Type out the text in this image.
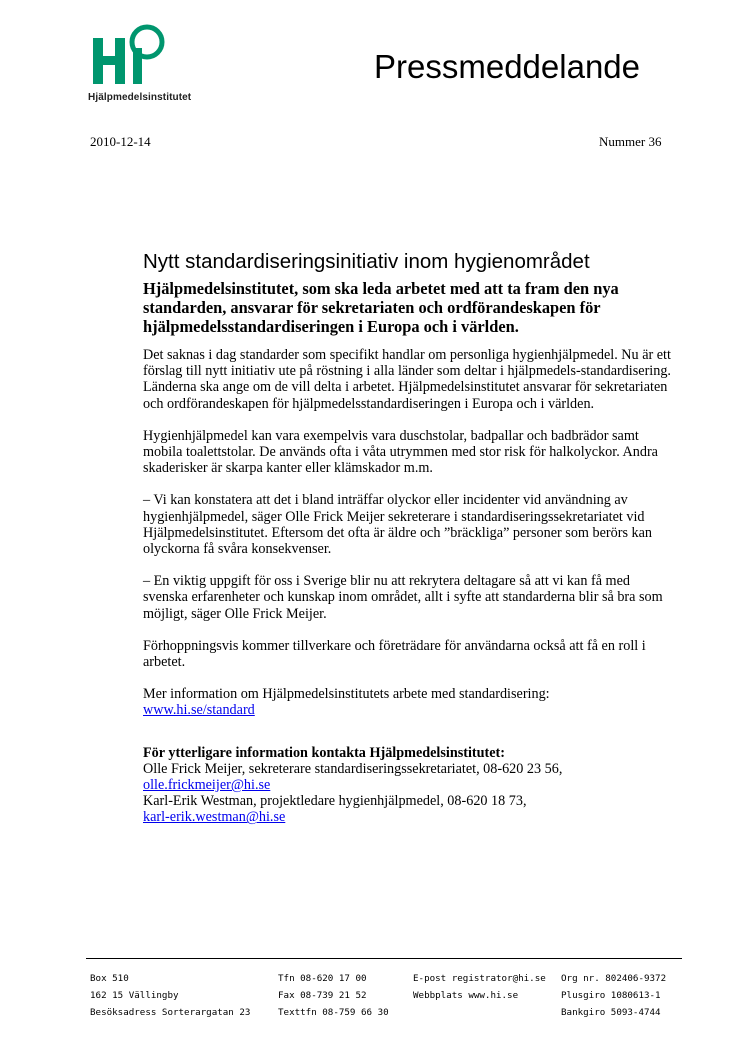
Hjälpmedelsinstitutet
Pressmeddelande
2010-12-14	Nummer 36
Nytt standardiseringsinitiativ inom hygienområdet
Hjälpmedelsinstitutet, som ska leda arbetet med att ta fram den nya standarden, ansvarar för sekretariaten och ordförandeskapen för hjälpmedelsstandardiseringen i Europa och i världen.

Det saknas i dag standarder som specifikt handlar om personliga hygienhjälpmedel. Nu är ett förslag till nytt initiativ ute på röstning i alla länder som deltar i hjälpmedels-standardisering. Länderna ska ange om de vill delta i arbetet. Hjälpmedelsinstitutet ansvarar för sekretariaten och ordförandeskapen för hjälpmedelsstandardiseringen i Europa och i världen.

Hygienhjälpmedel kan vara exempelvis vara duschstolar, badpallar och badbrädor samt mobila toalettstolar. De används ofta i våta utrymmen med stor risk för halkolyckor. Andra skaderisker är skarpa kanter eller klämskador m.m.

– Vi kan konstatera att det i bland inträffar olyckor eller incidenter vid användning av hygienhjälpmedel, säger Olle Frick Meijer sekreterare i standardiseringssekretariatet vid Hjälpmedelsinstitutet. Eftersom det ofta är äldre och ”bräckliga” personer som berörs kan olyckorna få svåra konsekvenser.

– En viktig uppgift för oss i Sverige blir nu att rekrytera deltagare så att vi kan få med svenska erfarenheter och kunskap inom området, allt i syfte att standarderna blir så bra som möjligt, säger Olle Frick Meijer.

Förhoppningsvis kommer tillverkare och företrädare för användarna också att få en roll i arbetet.

Mer information om Hjälpmedelsinstitutets arbete med standardisering:
www.hi.se/standard

För ytterligare information kontakta Hjälpmedelsinstitutet:
Olle Frick Meijer, sekreterare standardiseringssekretariatet, 08-620 23 56,
olle.frickmeijer@hi.se
Karl-Erik Westman, projektledare hygienhjälpmedel, 08-620 18 73,
karl-erik.westman@hi.se
Box 510
162 15 Vällingby
Besöksadress Sorterargatan 23
Tfn 08-620 17 00
Fax 08-739 21 52
Texttfn 08-759 66 30
E-post registrator@hi.se
Webbplats www.hi.se
Org nr. 802406-9372
Plusgiro 1080613-1
Bankgiro 5093-4744
